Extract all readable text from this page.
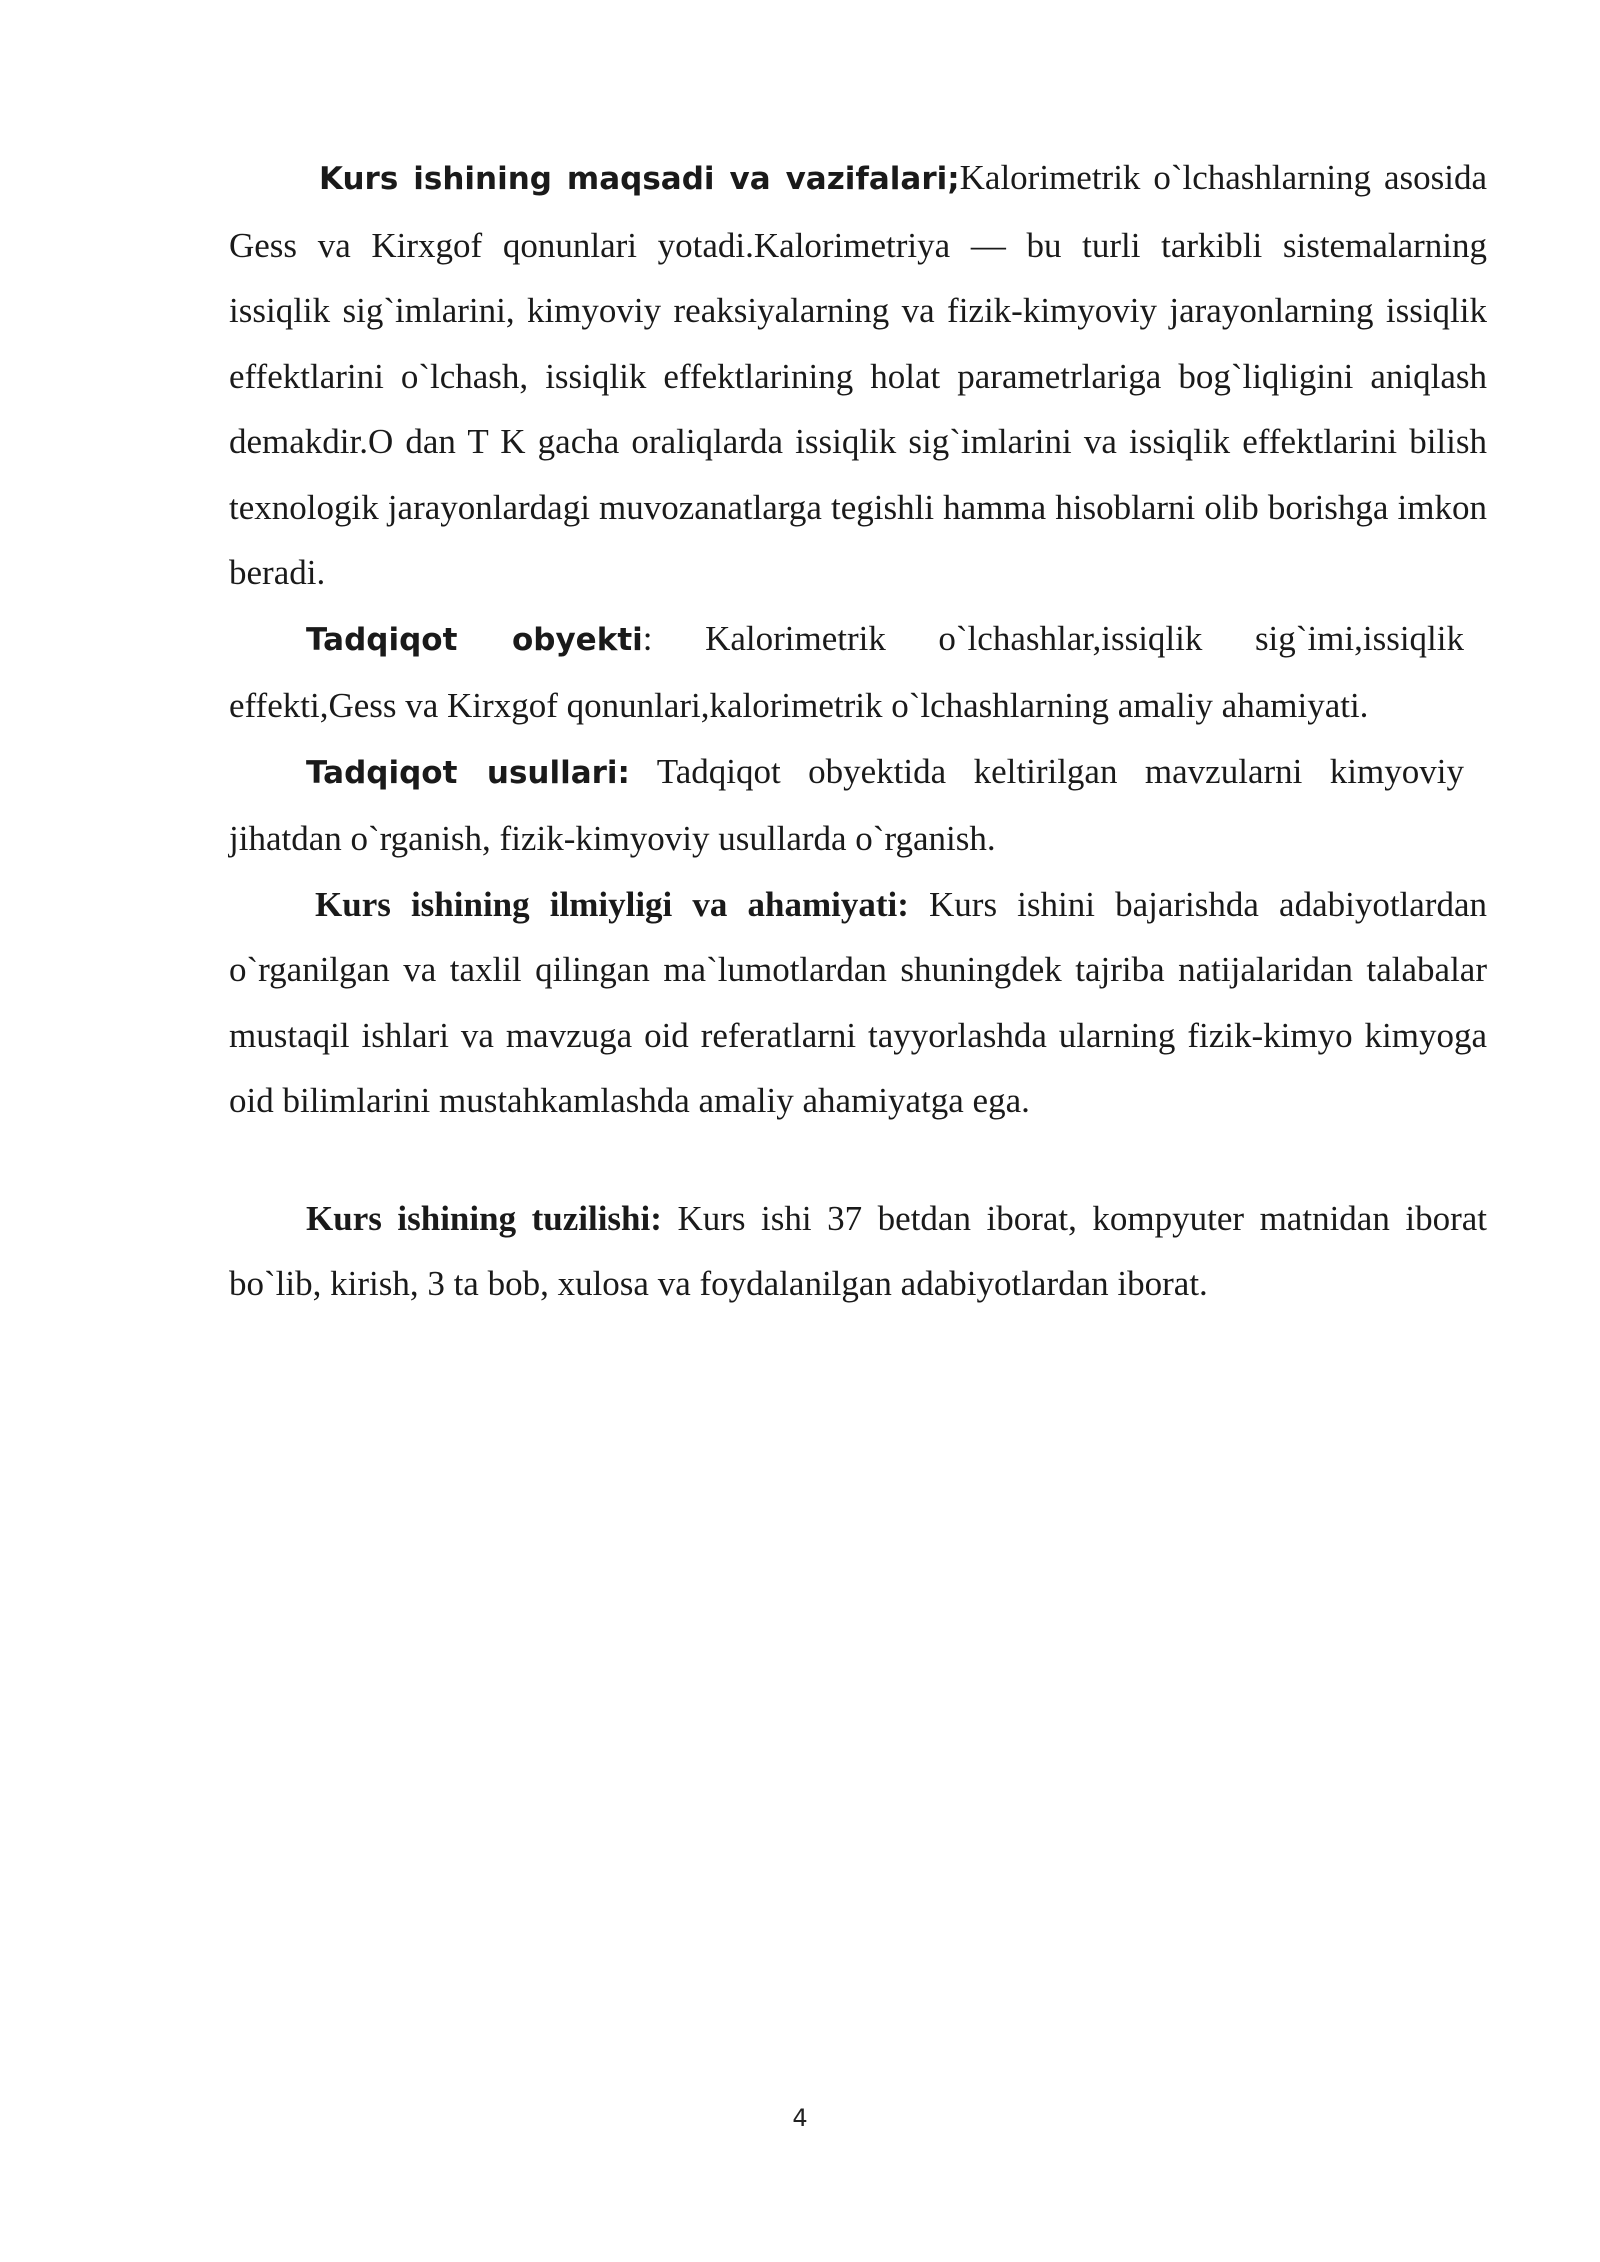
Kurs ishining maqsadi va vazifalari;Kalorimetrik o`lchashlarning asosida Gess va Kirxgof qonunlari yotadi.Kalorimetriya — bu turli tarkibli sistemalarning issiqlik sig`imlarini, kimyoviy reaksiyalarning va fizik-kimyoviy jarayonlarning issiqlik effektlarini o`lchash, issiqlik effektlarining holat parametrlariga bog`liqligini aniqlash demakdir.O dan T K gacha oraliqlarda issiqlik sig`imlarini va issiqlik effektlarini bilish texnologik jarayonlardagi muvozanatlarga tegishli hamma hisoblarni olib borishga imkon beradi.

Tadqiqot obyekti: Kalorimetrik o`lchashlar,issiqlik sig`imi,issiqlik effekti,Gess va Kirxgof qonunlari,kalorimetrik o`lchashlarning amaliy ahamiyati.

Tadqiqot usullari: Tadqiqot obyektida keltirilgan mavzularni kimyoviy jihatdan o`rganish, fizik-kimyoviy usullarda o`rganish.

Kurs ishining ilmiyligi va ahamiyati: Kurs ishini bajarishda adabiyotlardan o`rganilgan va taxlil qilingan ma`lumotlardan shuningdek tajriba natijalaridan talabalar mustaqil ishlari va mavzuga oid referatlarni tayyorlashda ularning fizik-kimyo kimyoga oid bilimlarini mustahkamlashda amaliy ahamiyatga ega.

Kurs ishining tuzilishi: Kurs ishi 37 betdan iborat, kompyuter matnidan iborat bo`lib, kirish, 3 ta bob, xulosa va foydalanilgan adabiyotlardan iborat.

4
